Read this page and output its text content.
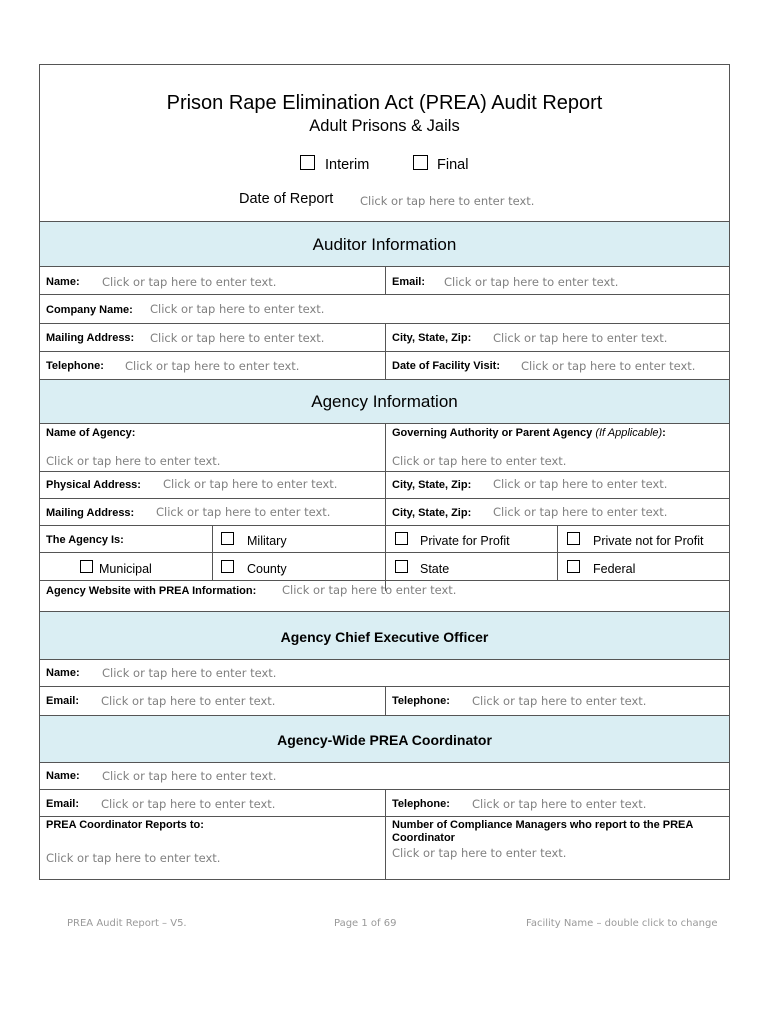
Prison Rape Elimination Act (PREA) Audit Report
Adult Prisons & Jails
Interim	Final
Date of Report Click or tap here to enter text.
Auditor Information
Name: Click or tap here to enter text.	Email: Click or tap here to enter text.
Company Name: Click or tap here to enter text.
Mailing Address: Click or tap here to enter text.	City, State, Zip: Click or tap here to enter text.
Telephone: Click or tap here to enter text.	Date of Facility Visit: Click or tap here to enter text.
Agency Information
Name of Agency:
Click or tap here to enter text.
Governing Authority or Parent Agency (If Applicable):
Click or tap here to enter text.
Physical Address: Click or tap here to enter text.	City, State, Zip: Click or tap here to enter text.
Mailing Address: Click or tap here to enter text.	City, State, Zip: Click or tap here to enter text.
The Agency Is:	Military	Private for Profit	Private not for Profit
Municipal	County	State	Federal
Agency Website with PREA Information: Click or tap here to enter text.
Agency Chief Executive Officer
Name: Click or tap here to enter text.
Email: Click or tap here to enter text.	Telephone: Click or tap here to enter text.
Agency-Wide PREA Coordinator
Name: Click or tap here to enter text.
Email: Click or tap here to enter text.	Telephone: Click or tap here to enter text.
PREA Coordinator Reports to:
Click or tap here to enter text.
Number of Compliance Managers who report to the PREA
Coordinator
Click or tap here to enter text.
PREA Audit Report – V5.	Page 1 of 69	Facility Name – double click to change
